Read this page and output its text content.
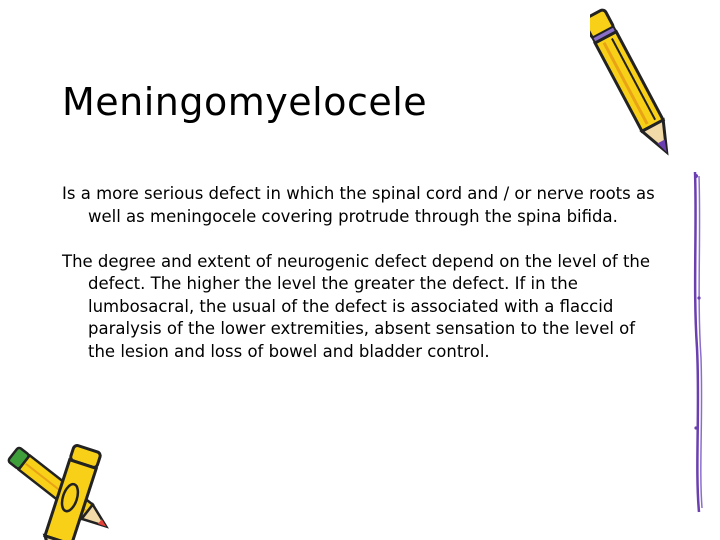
Meningomyelocele

Is a more serious defect in which the spinal cord and / or nerve roots as well as meningocele covering protrude through the spina bifida.

The degree and extent of neurogenic defect depend on the level of the defect. The higher the level the greater the defect. If in the lumbosacral, the usual of the defect is associated with a flaccid paralysis of the lower extremities, absent sensation to the level of the lesion and loss of bowel and bladder control.
